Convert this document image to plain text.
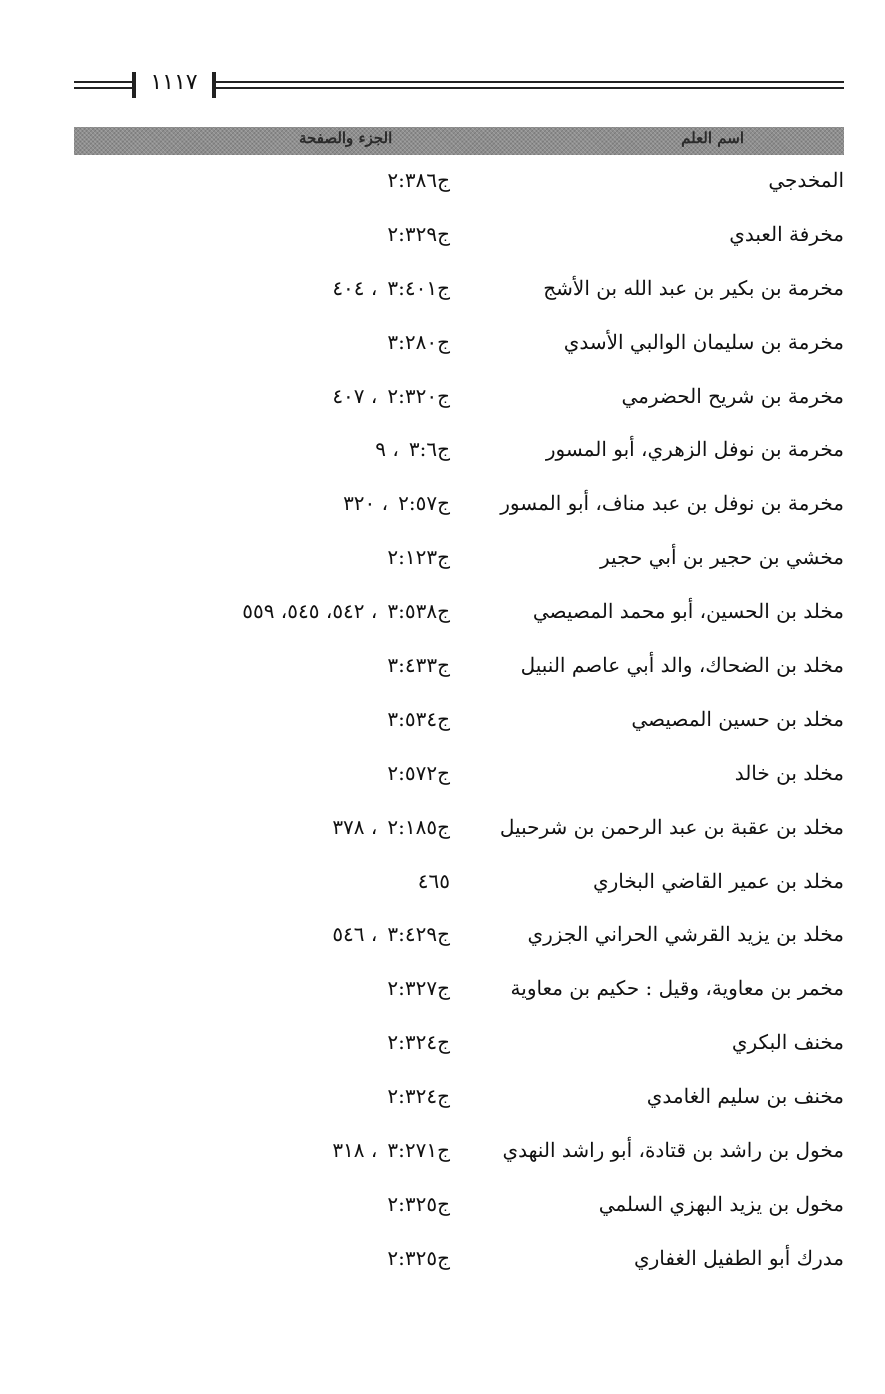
١١١٧
اسم العلم
الجزء والصفحة
المخدجي
ج٢:٣٨٦
مخرفة العبدي
ج٢:٣٢٩
مخرمة بن بكير بن عبد الله بن الأشج
ج٣:٤٠١، ٤٠٤
مخرمة بن سليمان الوالبي الأسدي
ج٣:٢٨٠
مخرمة بن شريح الحضرمي
ج٢:٣٢٠، ٤٠٧
مخرمة بن نوفل الزهري، أبو المسور
ج٣:٦، ٩
مخرمة بن نوفل بن عبد مناف، أبو المسور
ج٢:٥٧، ٣٢٠
مخشي بن حجير بن أبي حجير
ج٢:١٢٣
مخلد بن الحسين، أبو محمد المصيصي
ج٣:٥٣٨، ٥٤٢، ٥٤٥، ٥٥٩
مخلد بن الضحاك، والد أبي عاصم النبيل
ج٣:٤٣٣
مخلد بن حسين المصيصي
ج٣:٥٣٤
مخلد بن خالد
ج٢:٥٧٢
مخلد بن عقبة بن عبد الرحمن بن شرحبيل
ج٢:١٨٥، ٣٧٨
مخلد بن عمير القاضي البخاري
٤٦٥
مخلد بن يزيد القرشي الحراني الجزري
ج٣:٤٢٩، ٥٤٦
مخمر بن معاوية، وقيل : حكيم بن معاوية
ج٢:٣٢٧
مخنف البكري
ج٢:٣٢٤
مخنف بن سليم الغامدي
ج٢:٣٢٤
مخول بن راشد بن قتادة، أبو راشد النهدي
ج٣:٢٧١، ٣١٨
مخول بن يزيد البهزي السلمي
ج٢:٣٢٥
مدرك أبو الطفيل الغفاري
ج٢:٣٢٥
